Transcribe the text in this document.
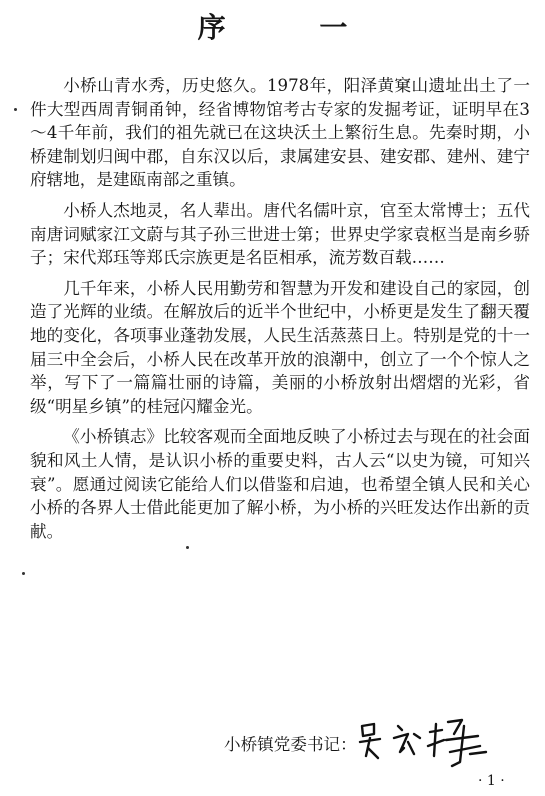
序 一

小桥山青水秀，历史悠久。1978年，阳泽黄窠山遗址出土了一件大型西周青铜甬钟，经省博物馆考古专家的发掘考证，证明早在3～4千年前，我们的祖先就已在这块沃土上繁衍生息。先秦时期，小桥建制划归闽中郡，自东汉以后，隶属建安县、建安郡、建州、建宁府辖地，是建瓯南部之重镇。

小桥人杰地灵，名人辈出。唐代名儒叶京，官至太常博士；五代南唐词赋家江文蔚与其子孙三世进士第；世界史学家袁枢当是南乡骄子；宋代郑珏等郑氏宗族更是名臣相承，流芳数百载……

几千年来，小桥人民用勤劳和智慧为开发和建设自己的家园，创造了光辉的业绩。在解放后的近半个世纪中，小桥更是发生了翻天覆地的变化，各项事业蓬勃发展，人民生活蒸蒸日上。特别是党的十一届三中全会后，小桥人民在改革开放的浪潮中，创立了一个个惊人之举，写下了一篇篇壮丽的诗篇，美丽的小桥放射出熠熠的光彩，省级“明星乡镇”的桂冠闪耀金光。

《小桥镇志》比较客观而全面地反映了小桥过去与现在的社会面貌和风土人情，是认识小桥的重要史料，古人云“以史为镜，可知兴衰”。愿通过阅读它能给人们以借鉴和启迪，也希望全镇人民和关心小桥的各界人士借此能更加了解小桥，为小桥的兴旺发达作出新的贡献。

小桥镇党委书记：
· 1 ·
